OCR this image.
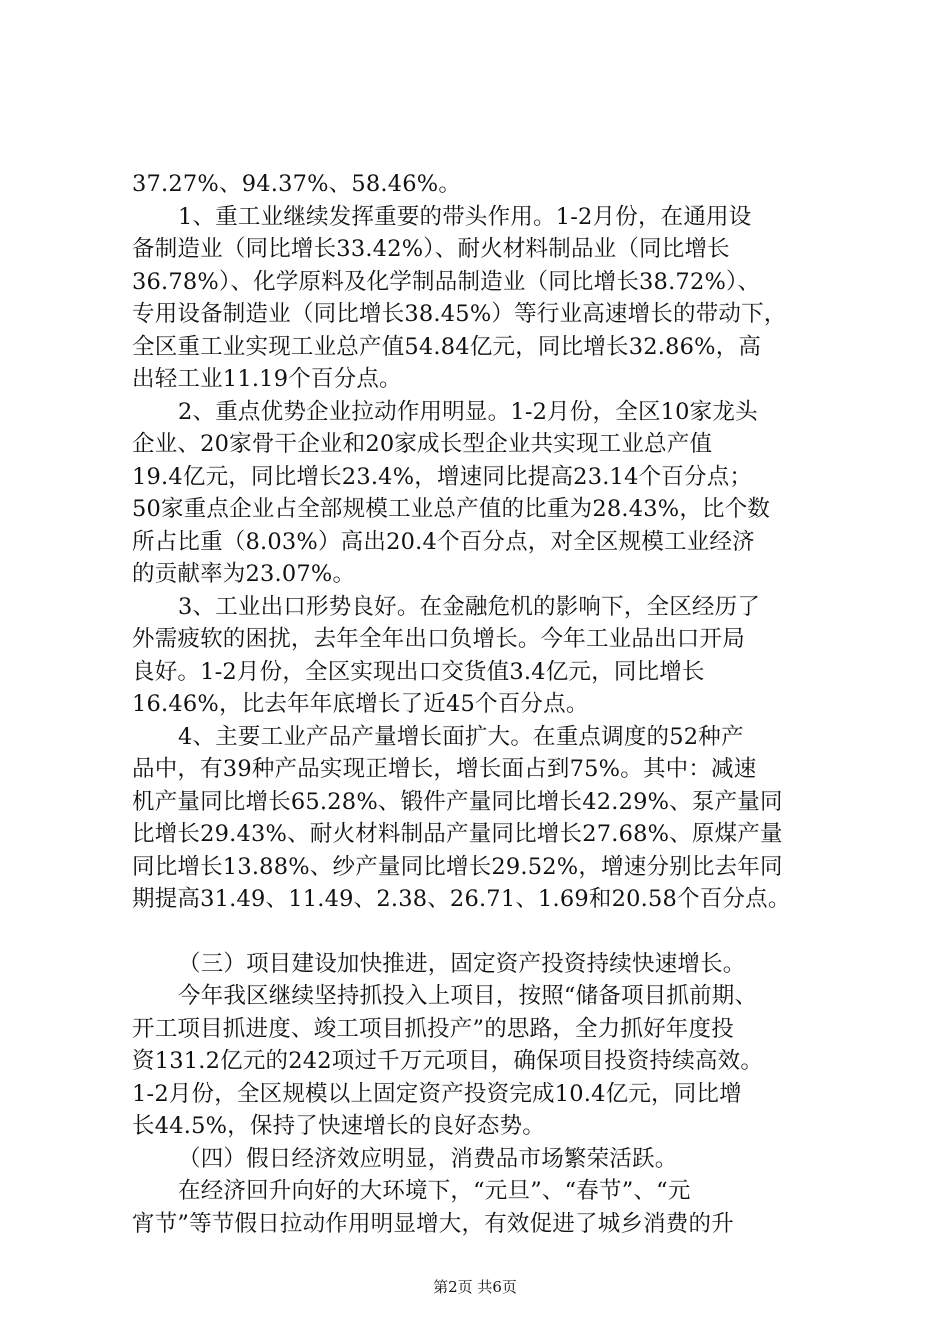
37.27%、94.37%、58.46%。
1、重工业继续发挥重要的带头作用。1-2月份，在通用设
备制造业（同比增长33.42%）、耐火材料制品业（同比增长
36.78%）、化学原料及化学制品制造业（同比增长38.72%）、
专用设备制造业（同比增长38.45%）等行业高速增长的带动下，
全区重工业实现工业总产值54.84亿元，同比增长32.86%，高
出轻工业11.19个百分点。
2、重点优势企业拉动作用明显。1-2月份，全区10家龙头
企业、20家骨干企业和20家成长型企业共实现工业总产值
19.4亿元，同比增长23.4%，增速同比提高23.14个百分点；
50家重点企业占全部规模工业总产值的比重为28.43%，比个数
所占比重（8.03%）高出20.4个百分点，对全区规模工业经济
的贡献率为23.07%。
3、工业出口形势良好。在金融危机的影响下，全区经历了
外需疲软的困扰，去年全年出口负增长。今年工业品出口开局
良好。1-2月份，全区实现出口交货值3.4亿元，同比增长
16.46%，比去年年底增长了近45个百分点。
4、主要工业产品产量增长面扩大。在重点调度的52种产
品中，有39种产品实现正增长，增长面占到75%。其中：减速
机产量同比增长65.28%、锻件产量同比增长42.29%、泵产量同
比增长29.43%、耐火材料制品产量同比增长27.68%、原煤产量
同比增长13.88%、纱产量同比增长29.52%，增速分别比去年同
期提高31.49、11.49、2.38、26.71、1.69和20.58个百分点。
（三）项目建设加快推进，固定资产投资持续快速增长。
今年我区继续坚持抓投入上项目，按照“储备项目抓前期、
开工项目抓进度、竣工项目抓投产”的思路，全力抓好年度投
资131.2亿元的242项过千万元项目，确保项目投资持续高效。
1-2月份，全区规模以上固定资产投资完成10.4亿元，同比增
长44.5%，保持了快速增长的良好态势。
（四）假日经济效应明显，消费品市场繁荣活跃。
在经济回升向好的大环境下，“元旦”、“春节”、“元
宵节”等节假日拉动作用明显增大，有效促进了城乡消费的升
第2页 共6页
